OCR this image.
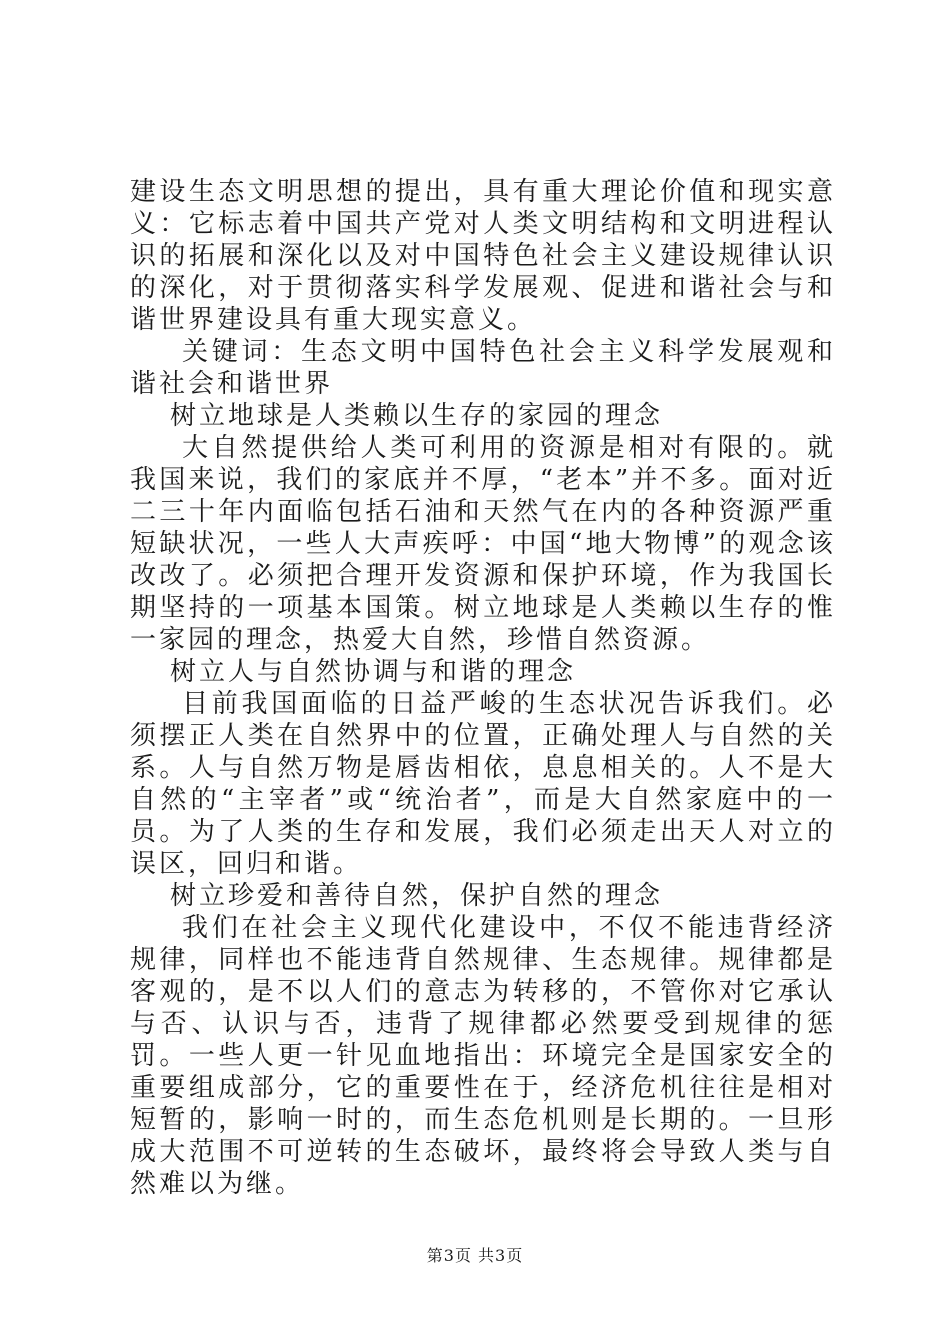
建设生态文明思想的提出，具有重大理论价值和现实意义：它标志着中国共产党对人类文明结构和文明进程认识的拓展和深化以及对中国特色社会主义建设规律认识的深化，对于贯彻落实科学发展观、促进和谐社会与和谐世界建设具有重大现实意义。

关键词：生态文明中国特色社会主义科学发展观和谐社会和谐世界

树立地球是人类赖以生存的家园的理念

大自然提供给人类可利用的资源是相对有限的。就我国来说，我们的家底并不厚，“老本”并不多。面对近二三十年内面临包括石油和天然气在内的各种资源严重短缺状况，一些人大声疾呼：中国“地大物博”的观念该改改了。必须把合理开发资源和保护环境，作为我国长期坚持的一项基本国策。树立地球是人类赖以生存的惟一家园的理念，热爱大自然，珍惜自然资源。

树立人与自然协调与和谐的理念

目前我国面临的日益严峻的生态状况告诉我们。必须摆正人类在自然界中的位置，正确处理人与自然的关系。人与自然万物是唇齿相依，息息相关的。人不是大自然的“主宰者”或“统治者”，而是大自然家庭中的一员。为了人类的生存和发展，我们必须走出天人对立的误区，回归和谐。

树立珍爱和善待自然，保护自然的理念

我们在社会主义现代化建设中，不仅不能违背经济规律，同样也不能违背自然规律、生态规律。规律都是客观的，是不以人们的意志为转移的，不管你对它承认与否、认识与否，违背了规律都必然要受到规律的惩罚。一些人更一针见血地指出：环境完全是国家安全的重要组成部分，它的重要性在于，经济危机往往是相对短暂的，影响一时的，而生态危机则是长期的。一旦形成大范围不可逆转的生态破坏，最终将会导致人类与自然难以为继。

第3页 共3页
